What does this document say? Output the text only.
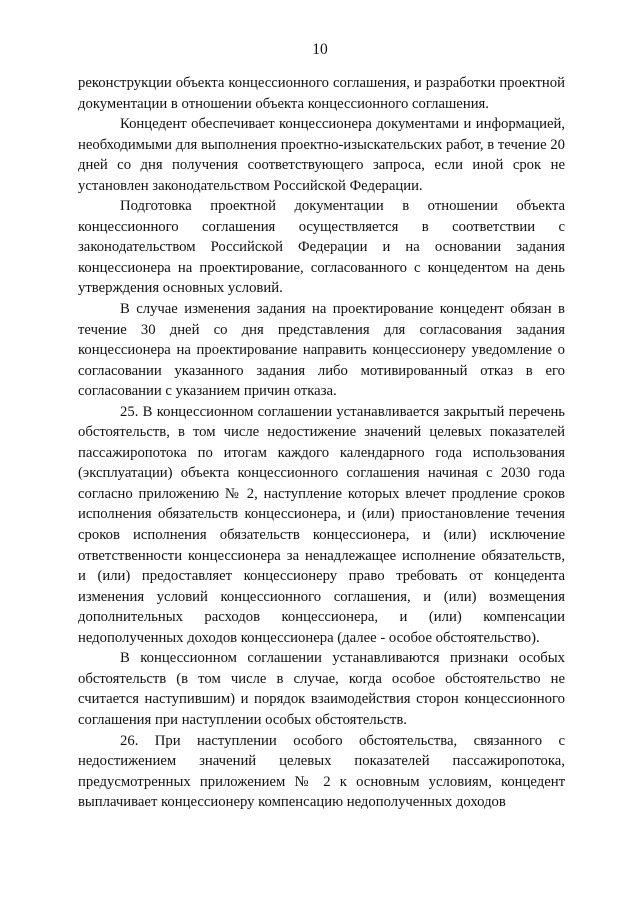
10

реконструкции объекта концессионного соглашения, и разработки проектной документации в отношении объекта концессионного соглашения.

Концедент обеспечивает концессионера документами и информацией, необходимыми для выполнения проектно-изыскательских работ, в течение 20 дней со дня получения соответствующего запроса, если иной срок не установлен законодательством Российской Федерации.

Подготовка проектной документации в отношении объекта концессионного соглашения осуществляется в соответствии с законодательством Российской Федерации и на основании задания концессионера на проектирование, согласованного с концедентом на день утверждения основных условий.

В случае изменения задания на проектирование концедент обязан в течение 30 дней со дня представления для согласования задания концессионера на проектирование направить концессионеру уведомление о согласовании указанного задания либо мотивированный отказ в его согласовании с указанием причин отказа.

25. В концессионном соглашении устанавливается закрытый перечень обстоятельств, в том числе недостижение значений целевых показателей пассажиропотока по итогам каждого календарного года использования (эксплуатации) объекта концессионного соглашения начиная с 2030 года согласно приложению № 2, наступление которых влечет продление сроков исполнения обязательств концессионера, и (или) приостановление течения сроков исполнения обязательств концессионера, и (или) исключение ответственности концессионера за ненадлежащее исполнение обязательств, и (или) предоставляет концессионеру право требовать от концедента изменения условий концессионного соглашения, и (или) возмещения дополнительных расходов концессионера, и (или) компенсации недополученных доходов концессионера (далее - особое обстоятельство).

В концессионном соглашении устанавливаются признаки особых обстоятельств (в том числе в случае, когда особое обстоятельство не считается наступившим) и порядок взаимодействия сторон концессионного соглашения при наступлении особых обстоятельств.

26. При наступлении особого обстоятельства, связанного с недостижением значений целевых показателей пассажиропотока, предусмотренных приложением № 2 к основным условиям, концедент выплачивает концессионеру компенсацию недополученных доходов
